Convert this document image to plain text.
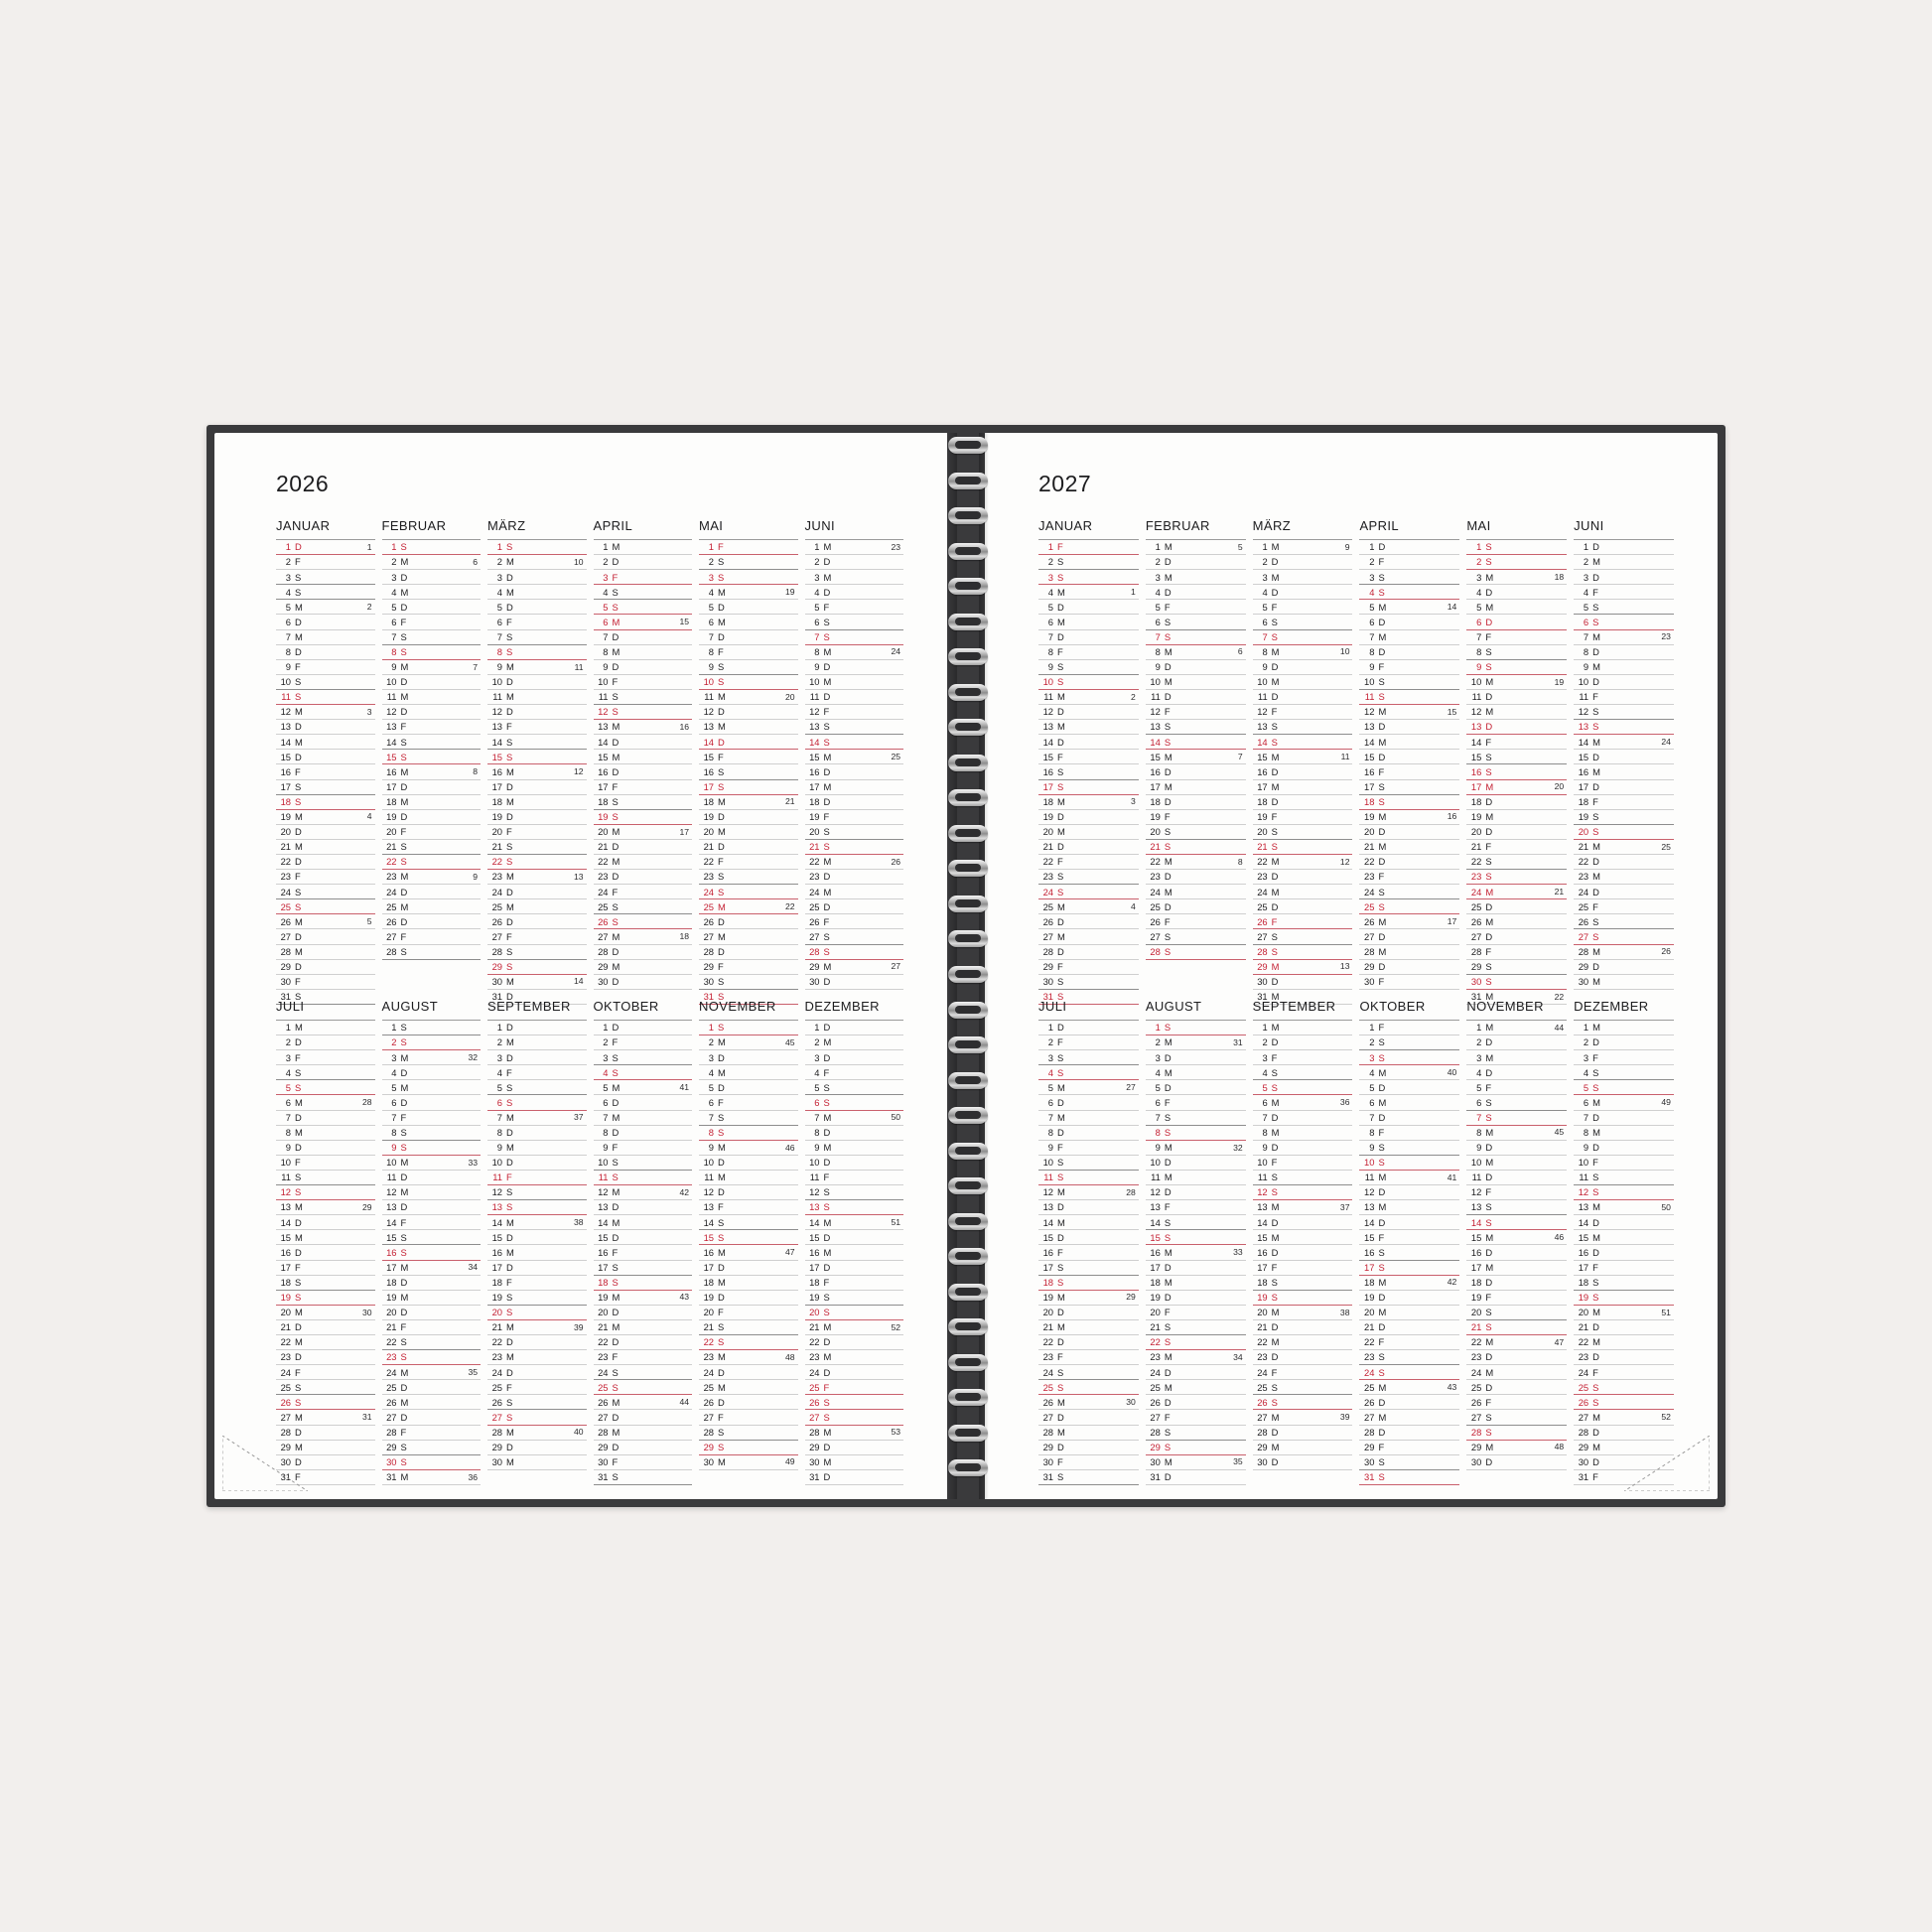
2026
JANUAR
1 D	1
2 F
3 S
4 S
5 M	2
6 D
7 M
8 D
9 F
10 S
11 S
12 M	3
13 D
14 M
15 D
16 F
17 S
18 S
19 M	4
20 D
21 M
22 D
23 F
24 S
25 S
26 M	5
27 D
28 M
29 D
30 F
31 S
FEBRUAR
1 S
2 M	6
3 D
4 M
5 D
6 F
7 S
8 S
9 M	7
10 D
11 M
12 D
13 F
14 S
15 S
16 M	8
17 D
18 M
19 D
20 F
21 S
22 S
23 M	9
24 D
25 M
26 D
27 F
28 S
MÄRZ
1 S
2 M	10
3 D
4 M
5 D
6 F
7 S
8 S
9 M	11
10 D
11 M
12 D
13 F
14 S
15 S
16 M	12
17 D
18 M
19 D
20 F
21 S
22 S
23 M	13
24 D
25 M
26 D
27 F
28 S
29 S
30 M	14
31 D
APRIL
1 M
2 D
3 F
4 S
5 S
6 M	15
7 D
8 M
9 D
10 F
11 S
12 S
13 M	16
14 D
15 M
16 D
17 F
18 S
19 S
20 M	17
21 D
22 M
23 D
24 F
25 S
26 S
27 M	18
28 D
29 M
30 D
MAI
1 F
2 S
3 S
4 M	19
5 D
6 M
7 D
8 F
9 S
10 S
11 M	20
12 D
13 M
14 D
15 F
16 S
17 S
18 M	21
19 D
20 M
21 D
22 F
23 S
24 S
25 M	22
26 D
27 M
28 D
29 F
30 S
31 S
JUNI
1 M	23
2 D
3 M
4 D
5 F
6 S
7 S
8 M	24
9 D
10 M
11 D
12 F
13 S
14 S
15 M	25
16 D
17 M
18 D
19 F
20 S
21 S
22 M	26
23 D
24 M
25 D
26 F
27 S
28 S
29 M	27
30 D
JULI
1 M
2 D
3 F
4 S
5 S
6 M	28
7 D
8 M
9 D
10 F
11 S
12 S
13 M	29
14 D
15 M
16 D
17 F
18 S
19 S
20 M	30
21 D
22 M
23 D
24 F
25 S
26 S
27 M	31
28 D
29 M
30 D
31 F
AUGUST
1 S
2 S
3 M	32
4 D
5 M
6 D
7 F
8 S
9 S
10 M	33
11 D
12 M
13 D
14 F
15 S
16 S
17 M	34
18 D
19 M
20 D
21 F
22 S
23 S
24 M	35
25 D
26 M
27 D
28 F
29 S
30 S
31 M	36
SEPTEMBER
1 D
2 M
3 D
4 F
5 S
6 S
7 M	37
8 D
9 M
10 D
11 F
12 S
13 S
14 M	38
15 D
16 M
17 D
18 F
19 S
20 S
21 M	39
22 D
23 M
24 D
25 F
26 S
27 S
28 M	40
29 D
30 M
OKTOBER
1 D
2 F
3 S
4 S
5 M	41
6 D
7 M
8 D
9 F
10 S
11 S
12 M	42
13 D
14 M
15 D
16 F
17 S
18 S
19 M	43
20 D
21 M
22 D
23 F
24 S
25 S
26 M	44
27 D
28 M
29 D
30 F
31 S
NOVEMBER
1 S
2 M	45
3 D
4 M
5 D
6 F
7 S
8 S
9 M	46
10 D
11 M
12 D
13 F
14 S
15 S
16 M	47
17 D
18 M
19 D
20 F
21 S
22 S
23 M	48
24 D
25 M
26 D
27 F
28 S
29 S
30 M	49
DEZEMBER
1 D
2 M
3 D
4 F
5 S
6 S
7 M	50
8 D
9 M
10 D
11 F
12 S
13 S
14 M	51
15 D
16 M
17 D
18 F
19 S
20 S
21 M	52
22 D
23 M
24 D
25 F
26 S
27 S
28 M	53
29 D
30 M
31 D
2027
JANUAR
1 F
2 S
3 S
4 M	1
5 D
6 M
7 D
8 F
9 S
10 S
11 M	2
12 D
13 M
14 D
15 F
16 S
17 S
18 M	3
19 D
20 M
21 D
22 F
23 S
24 S
25 M	4
26 D
27 M
28 D
29 F
30 S
31 S
FEBRUAR
1 M	5
2 D
3 M
4 D
5 F
6 S
7 S
8 M	6
9 D
10 M
11 D
12 F
13 S
14 S
15 M	7
16 D
17 M
18 D
19 F
20 S
21 S
22 M	8
23 D
24 M
25 D
26 F
27 S
28 S
MÄRZ
1 M	9
2 D
3 M
4 D
5 F
6 S
7 S
8 M	10
9 D
10 M
11 D
12 F
13 S
14 S
15 M	11
16 D
17 M
18 D
19 F
20 S
21 S
22 M	12
23 D
24 M
25 D
26 F
27 S
28 S
29 M	13
30 D
31 M
APRIL
1 D
2 F
3 S
4 S
5 M	14
6 D
7 M
8 D
9 F
10 S
11 S
12 M	15
13 D
14 M
15 D
16 F
17 S
18 S
19 M	16
20 D
21 M
22 D
23 F
24 S
25 S
26 M	17
27 D
28 M
29 D
30 F
MAI
1 S
2 S
3 M	18
4 D
5 M
6 D
7 F
8 S
9 S
10 M	19
11 D
12 M
13 D
14 F
15 S
16 S
17 M	20
18 D
19 M
20 D
21 F
22 S
23 S
24 M	21
25 D
26 M
27 D
28 F
29 S
30 S
31 M	22
JUNI
1 D
2 M
3 D
4 F
5 S
6 S
7 M	23
8 D
9 M
10 D
11 F
12 S
13 S
14 M	24
15 D
16 M
17 D
18 F
19 S
20 S
21 M	25
22 D
23 M
24 D
25 F
26 S
27 S
28 M	26
29 D
30 M
JULI
1 D
2 F
3 S
4 S
5 M	27
6 D
7 M
8 D
9 F
10 S
11 S
12 M	28
13 D
14 M
15 D
16 F
17 S
18 S
19 M	29
20 D
21 M
22 D
23 F
24 S
25 S
26 M	30
27 D
28 M
29 D
30 F
31 S
AUGUST
1 S
2 M	31
3 D
4 M
5 D
6 F
7 S
8 S
9 M	32
10 D
11 M
12 D
13 F
14 S
15 S
16 M	33
17 D
18 M
19 D
20 F
21 S
22 S
23 M	34
24 D
25 M
26 D
27 F
28 S
29 S
30 M	35
31 D
SEPTEMBER
1 M
2 D
3 F
4 S
5 S
6 M	36
7 D
8 M
9 D
10 F
11 S
12 S
13 M	37
14 D
15 M
16 D
17 F
18 S
19 S
20 M	38
21 D
22 M
23 D
24 F
25 S
26 S
27 M	39
28 D
29 M
30 D
OKTOBER
1 F
2 S
3 S
4 M	40
5 D
6 M
7 D
8 F
9 S
10 S
11 M	41
12 D
13 M
14 D
15 F
16 S
17 S
18 M	42
19 D
20 M
21 D
22 F
23 S
24 S
25 M	43
26 D
27 M
28 D
29 F
30 S
31 S
NOVEMBER
1 M	44
2 D
3 M
4 D
5 F
6 S
7 S
8 M	45
9 D
10 M
11 D
12 F
13 S
14 S
15 M	46
16 D
17 M
18 D
19 F
20 S
21 S
22 M	47
23 D
24 M
25 D
26 F
27 S
28 S
29 M	48
30 D
DEZEMBER
1 M
2 D
3 F
4 S
5 S
6 M	49
7 D
8 M
9 D
10 F
11 S
12 S
13 M	50
14 D
15 M
16 D
17 F
18 S
19 S
20 M	51
21 D
22 M
23 D
24 F
25 S
26 S
27 M	52
28 D
29 M
30 D
31 F
